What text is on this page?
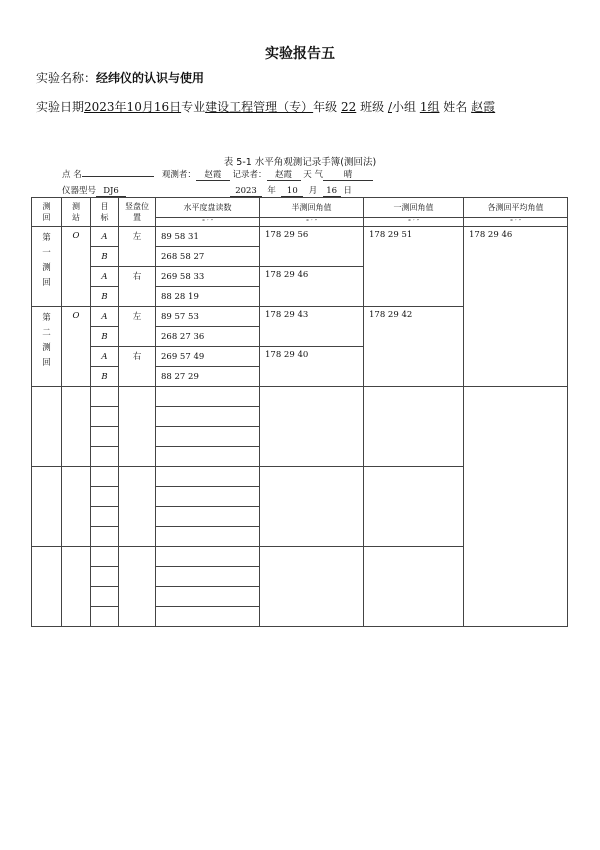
实验报告五
实验名称：经纬仪的认识与使用
实验日期2023年10月16日专业建设工程管理（专）年级 22 班级 /小组 1组 姓名 赵霞
表 5-1 水平角观测记录手簿(测回法)
点 名	观测者： 赵霞 记录者： 赵霞 天 气 晴
仪器型号 DJ6	2023 年 10 月 16 日
测回	测站	目标	竖盘位置	水平度盘读数	半测回角值	一测回角值	各测回平均角值
				° ′ ″	° ′ ″	° ′ ″	° ′ ″
第一测回	O	A	左	89 58 31	178 29 56	178 29 51	178 29 46
		B		268 58 27			
		A	右	269 58 33	178 29 46		
		B		88 28 19			
第二测回	O	A	左	89 57 53	178 29 43	178 29 42	
		B		268 27 36			
		A	右	269 57 49	178 29 40		
		B		88 27 29			
